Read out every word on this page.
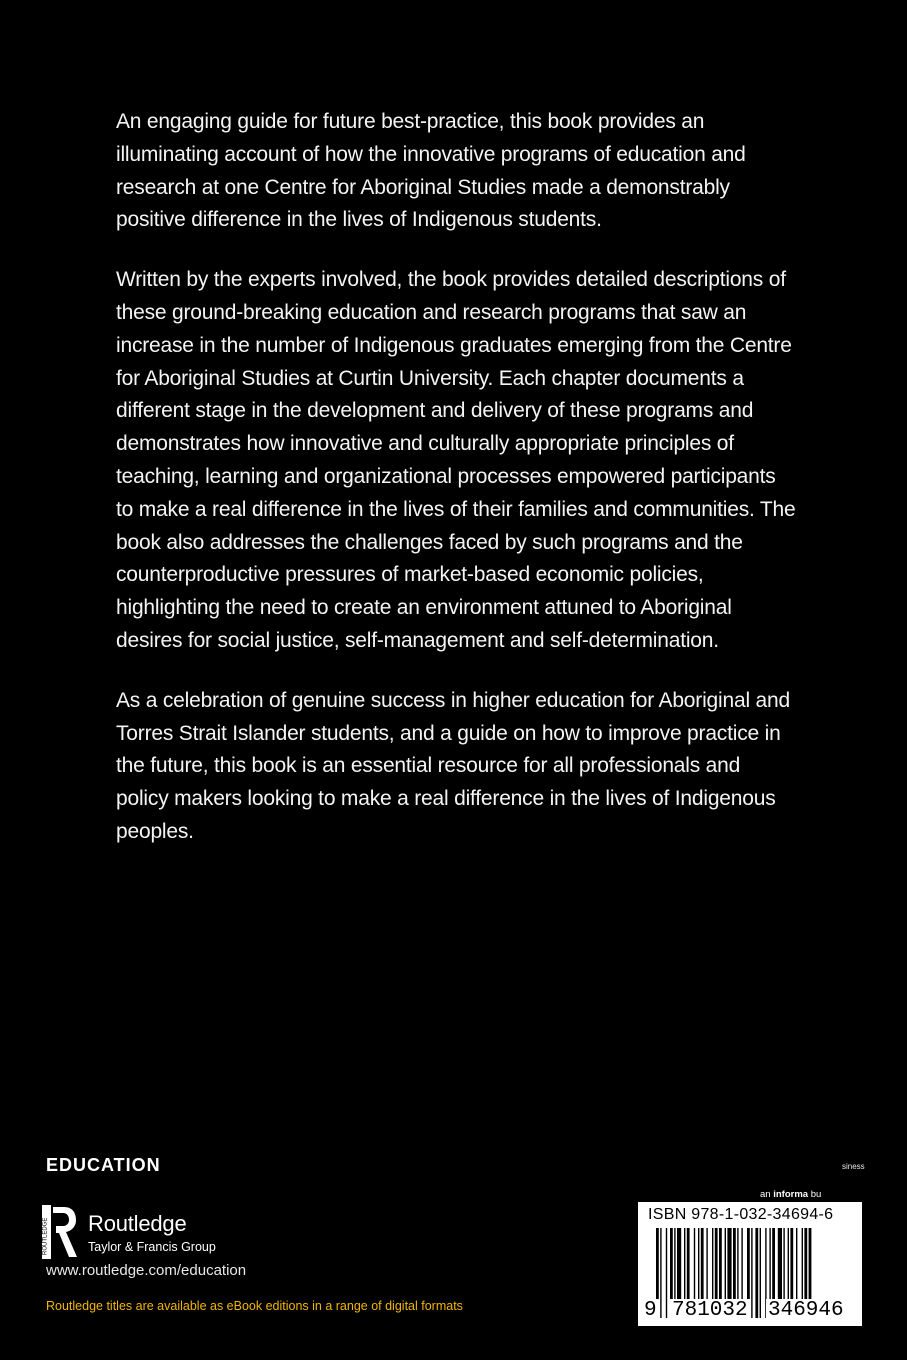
An engaging guide for future best-practice, this book provides an illuminating account of how the innovative programs of education and research at one Centre for Aboriginal Studies made a demonstrably positive difference in the lives of Indigenous students.

Written by the experts involved, the book provides detailed descriptions of these ground-breaking education and research programs that saw an increase in the number of Indigenous graduates emerging from the Centre for Aboriginal Studies at Curtin University. Each chapter documents a different stage in the development and delivery of these programs and demonstrates how innovative and culturally appropriate principles of teaching, learning and organizational processes empowered participants to make a real difference in the lives of their families and communities. The book also addresses the challenges faced by such programs and the counterproductive pressures of market-based economic policies, highlighting the need to create an environment attuned to Aboriginal desires for social justice, self-management and self-determination.

As a celebration of genuine success in higher education for Aboriginal and Torres Strait Islander students, and a guide on how to improve practice in the future, this book is an essential resource for all professionals and policy makers looking to make a real difference in the lives of Indigenous peoples.

EDUCATION
ROUTLEDGE Routledge
Taylor & Francis Group
www.routledge.com/education
Routledge titles are available as eBook editions in a range of digital formats
siness
an informa bu
ISBN 978-1-032-34694-6
9 781032 346946
